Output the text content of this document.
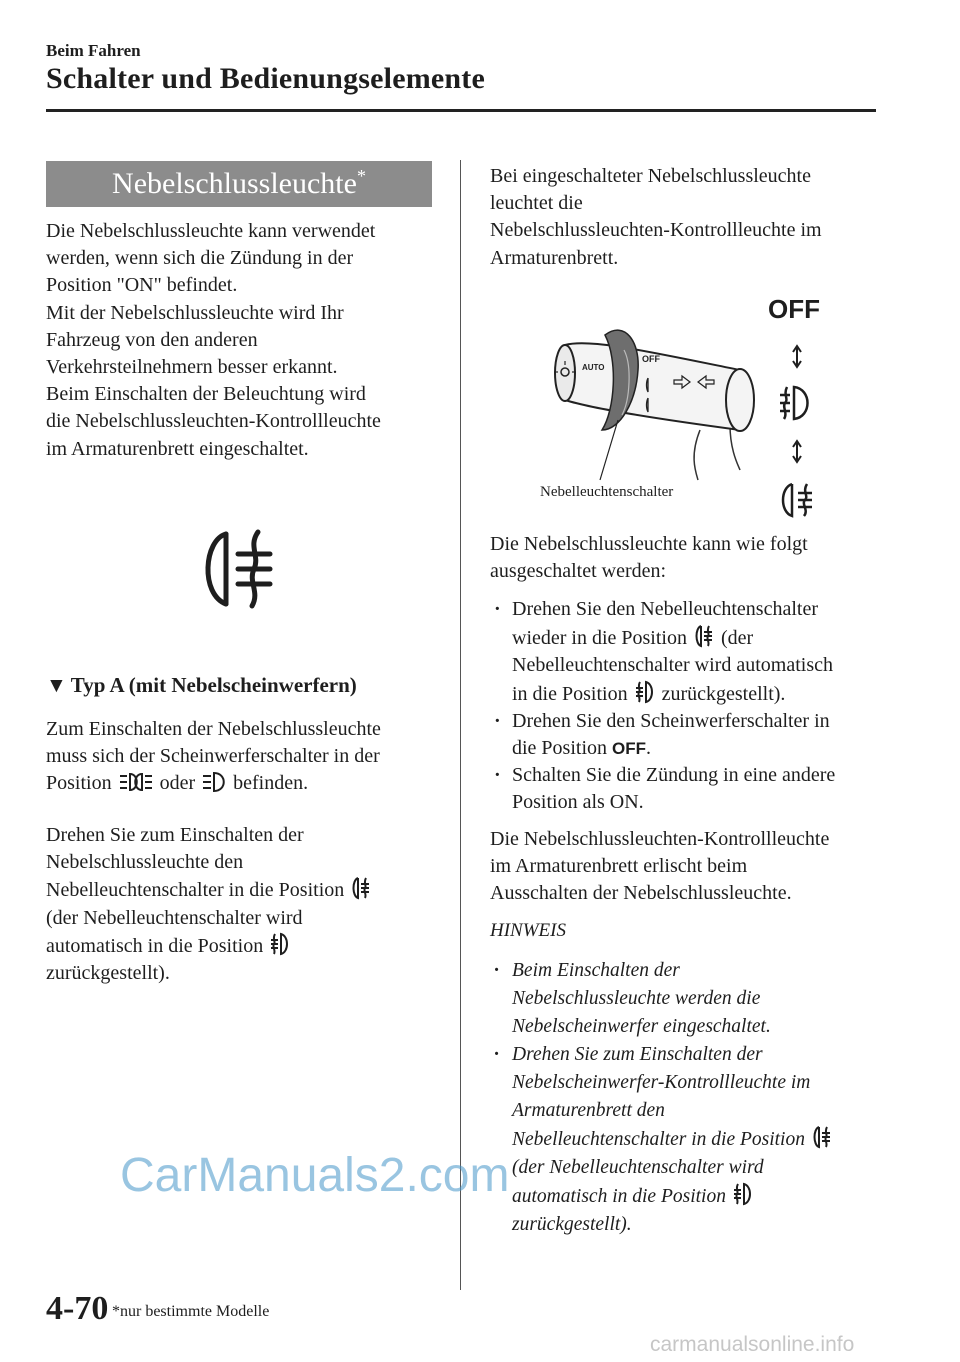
Beim Fahren
Schalter und Bedienungselemente
Nebelschlussleuchte*
Die Nebelschlussleuchte kann verwendet
werden, wenn sich die Zündung in der
Position "ON" befindet.
Mit der Nebelschlussleuchte wird Ihr
Fahrzeug von den anderen
Verkehrsteilnehmern besser erkannt.
Beim Einschalten der Beleuchtung wird
die Nebelschlussleuchten-Kontrollleuchte
im Armaturenbrett eingeschaltet.
▼ Typ A (mit Nebelscheinwerfern)
Zum Einschalten der Nebelschlussleuchte
muss sich der Scheinwerferschalter in der
Position oder befinden.
Drehen Sie zum Einschalten der
Nebelschlussleuchte den
Nebelleuchtenschalter in die Position
(der Nebelleuchtenschalter wird
automatisch in die Position
zurückgestellt).
Bei eingeschalteter Nebelschlussleuchte
leuchtet die
Nebelschlussleuchten-Kontrollleuchte im
Armaturenbrett.
AUTO
OFF
OFF
Nebelleuchtenschalter
Die Nebelschlussleuchte kann wie folgt
ausgeschaltet werden:
· Drehen Sie den Nebelleuchtenschalter
wieder in die Position (der
Nebelleuchtenschalter wird automatisch
in die Position zurückgestellt).
· Drehen Sie den Scheinwerferschalter in
die Position OFF.
· Schalten Sie die Zündung in eine andere
Position als ON.
Die Nebelschlussleuchten-Kontrollleuchte
im Armaturenbrett erlischt beim
Ausschalten der Nebelschlussleuchte.
HINWEIS
· Beim Einschalten der
Nebelschlussleuchte werden die
Nebelscheinwerfer eingeschaltet.
· Drehen Sie zum Einschalten der
Nebelscheinwerfer-Kontrollleuchte im
Armaturenbrett den
Nebelleuchtenschalter in die Position
(der Nebelleuchtenschalter wird
automatisch in die Position
zurückgestellt).
4-70 *nur bestimmte Modelle
CarManuals2.com
carmanualsonline.info
